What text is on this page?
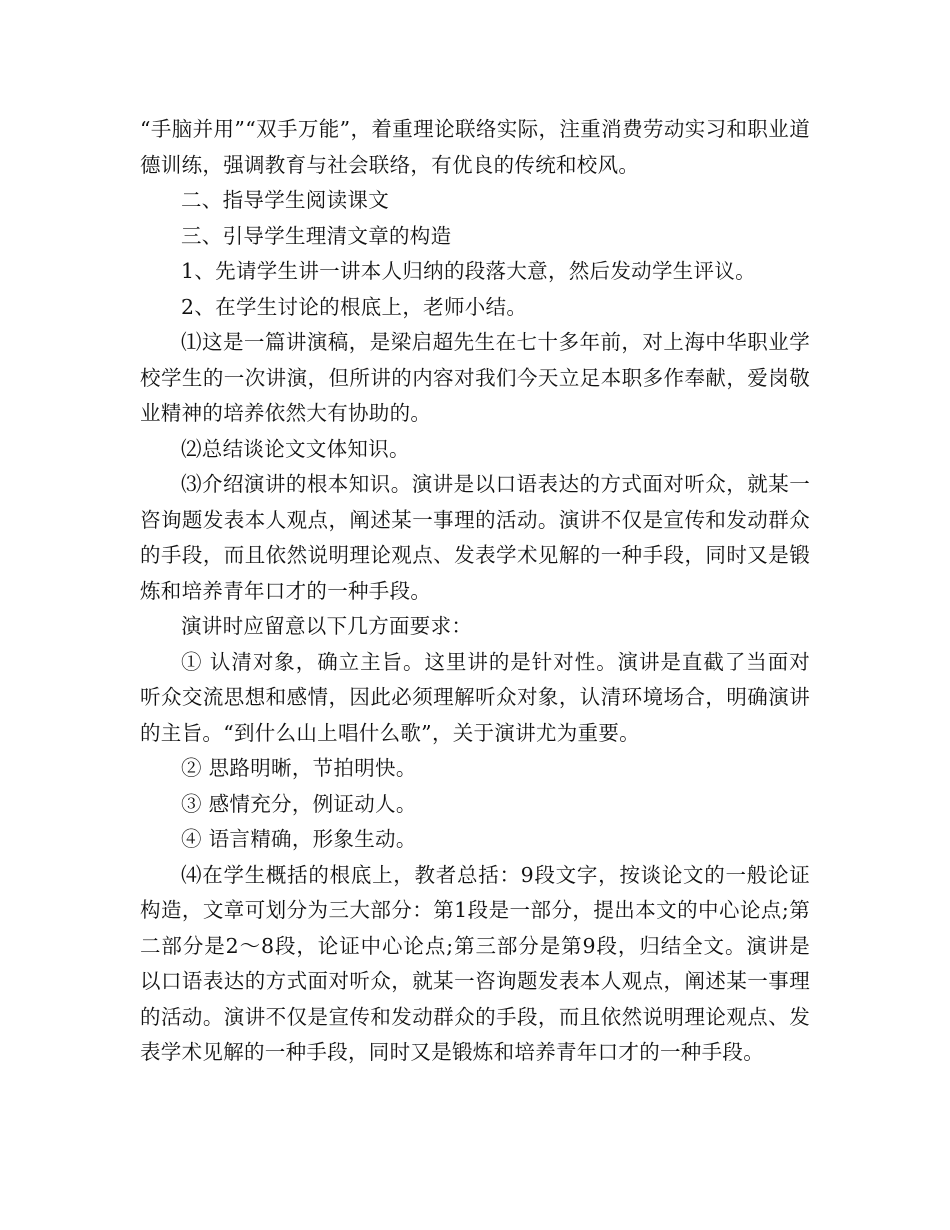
“手脑并用”“双手万能”，着重理论联络实际，注重消费劳动实习和职业道德训练，强调教育与社会联络，有优良的传统和校风。

二、指导学生阅读课文

三、引导学生理清文章的构造

1、先请学生讲一讲本人归纳的段落大意，然后发动学生评议。

2、在学生讨论的根底上，老师小结。

⑴这是一篇讲演稿，是梁启超先生在七十多年前，对上海中华职业学校学生的一次讲演，但所讲的内容对我们今天立足本职多作奉献，爱岗敬业精神的培养依然大有协助的。

⑵总结谈论文文体知识。

⑶介绍演讲的根本知识。演讲是以口语表达的方式面对听众，就某一咨询题发表本人观点，阐述某一事理的活动。演讲不仅是宣传和发动群众的手段，而且依然说明理论观点、发表学术见解的一种手段，同时又是锻炼和培养青年口才的一种手段。

演讲时应留意以下几方面要求：

① 认清对象，确立主旨。这里讲的是针对性。演讲是直截了当面对听众交流思想和感情，因此必须理解听众对象，认清环境场合，明确演讲的主旨。“到什么山上唱什么歌”，关于演讲尤为重要。

② 思路明晰，节拍明快。

③ 感情充分，例证动人。

④ 语言精确，形象生动。

⑷在学生概括的根底上，教者总括：9段文字，按谈论文的一般论证构造，文章可划分为三大部分：第1段是一部分，提出本文的中心论点;第二部分是2～8段，论证中心论点;第三部分是第9段，归结全文。演讲是以口语表达的方式面对听众，就某一咨询题发表本人观点，阐述某一事理的活动。演讲不仅是宣传和发动群众的手段，而且依然说明理论观点、发表学术见解的一种手段，同时又是锻炼和培养青年口才的一种手段。
